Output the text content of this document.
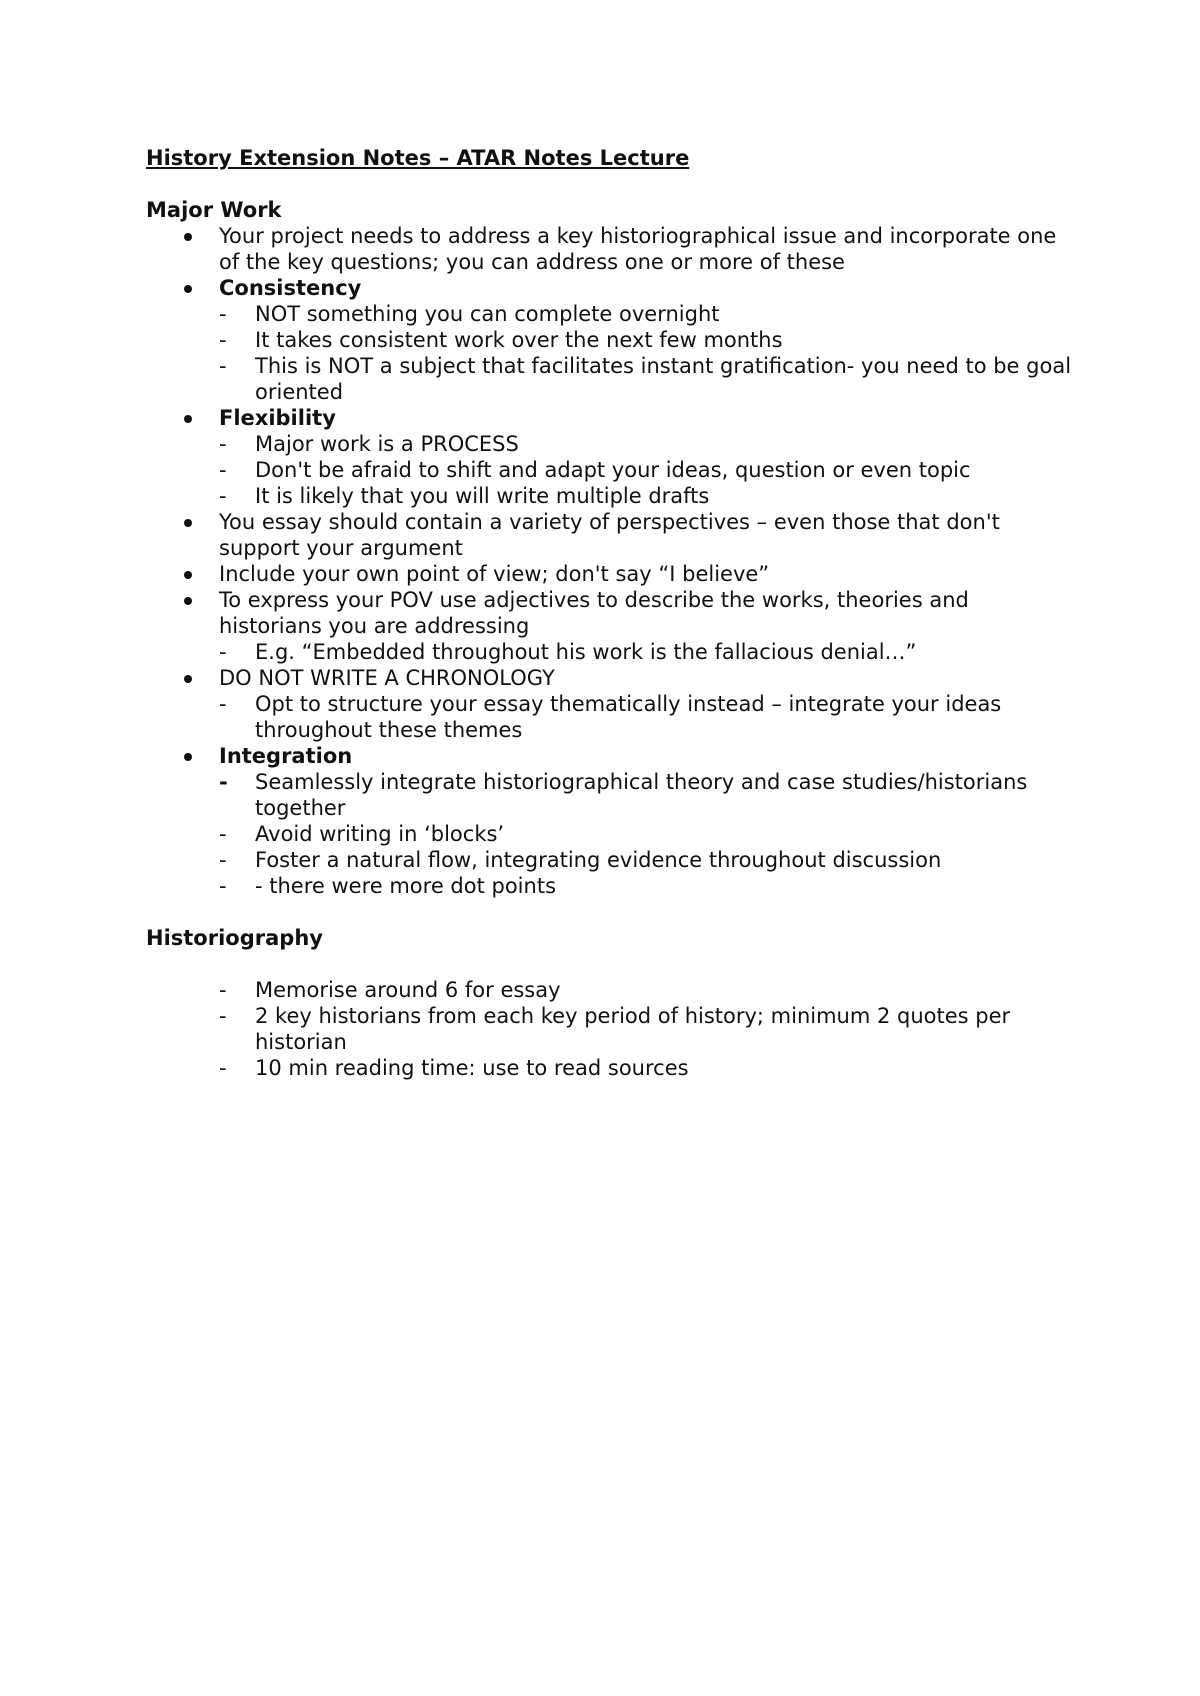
History Extension Notes – ATAR Notes Lecture
Major Work
Your project needs to address a key historiographical issue and incorporate one of the key questions; you can address one or more of these
Consistency
- NOT something you can complete overnight
- It takes consistent work over the next few months
- This is NOT a subject that facilitates instant gratification- you need to be goal oriented
Flexibility
- Major work is a PROCESS
- Don't be afraid to shift and adapt your ideas, question or even topic
- It is likely that you will write multiple drafts
You essay should contain a variety of perspectives – even those that don't support your argument
Include your own point of view; don't say “I believe”
To express your POV use adjectives to describe the works, theories and historians you are addressing
- E.g. “Embedded throughout his work is the fallacious denial…”
DO NOT WRITE A CHRONOLOGY
- Opt to structure your essay thematically instead – integrate your ideas throughout these themes
Integration
- Seamlessly integrate historiographical theory and case studies/historians together
- Avoid writing in ‘blocks’
- Foster a natural flow, integrating evidence throughout discussion
- - there were more dot points
Historiography
- Memorise around 6 for essay
- 2 key historians from each key period of history; minimum 2 quotes per historian
- 10 min reading time: use to read sources
